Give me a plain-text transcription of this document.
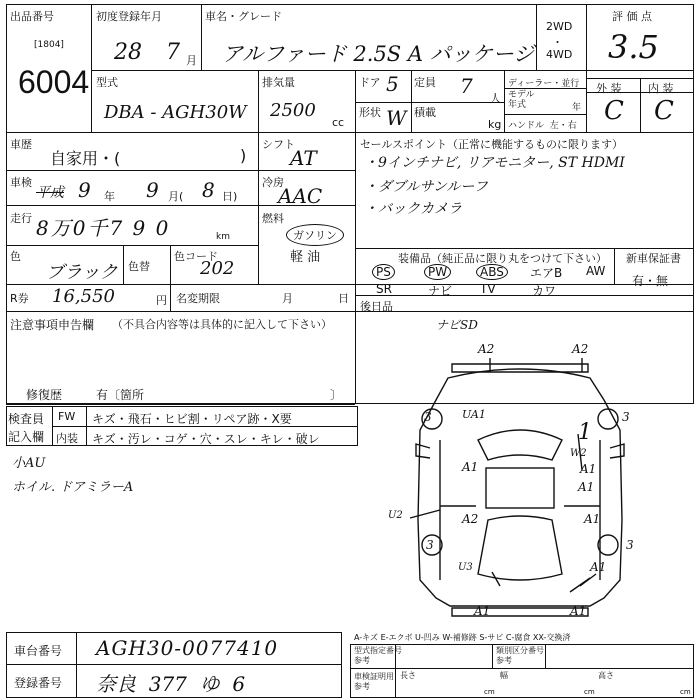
出品番号
[1804]
6004
初度登録年月
28 7 月
車名・グレード
アルファード 2.5S A パッケージ
2WD
・
4WD
評 価 点
3.5
型式
DBA - AGH30W
排気量
2500
cc
ドア 5 定員 7
人
形状 W 積載
kg
ディーラー・並行
モデル
年式	年
ハンドル  左・右
外 装 内 装
C C
車歴
自家用・(	)
シフト
AT
セールスポイント（正常に機能するものに限ります）
・9インチナビ, リアモニター, ST HDMI
・ダブルサンルーフ
・バックカメラ
車検
平成 9 年 9 月( 8 日)
冷房
AAC
走行 8万0千7 9 0	km
燃料
ガソリン
軽 油
色
ブラック 色替
色コード
202	装備品（純正品に限り丸をつけて下さい） 新車保証書
有・無
PS	PW	ABS	エアB AW
SR	ナビ TV	カワ
R券 16,550	円 名変期限	月	日
後日品
ナビSD
注意事項申告欄 （不具合内容等は具体的に記入して下さい）
修復歴	有〔箇所	〕
検査員
記入欄
FW キズ・飛石・ヒビ割・リペア跡・X要
内装 キズ・汚レ・コゲ・穴・スレ・キレ・破レ
小AU
ホイル. ドアミラーA
A2	A2
3	UA1	3
1
W2
A1	A1
A1
U2	A2	A1
3	3
U3	A1
A1	A1
A-キズ E-エクボ U-凹み W-補修跡 S-サビ C-腐食 XX-交換済
車台番号 AGH30-0077410
登録番号 奈良  377  ゆ  6
型式指定番号
参考
類別区分番号
参考
車検証明用
参考
長さ	幅	高さ
cm	cm	cm
